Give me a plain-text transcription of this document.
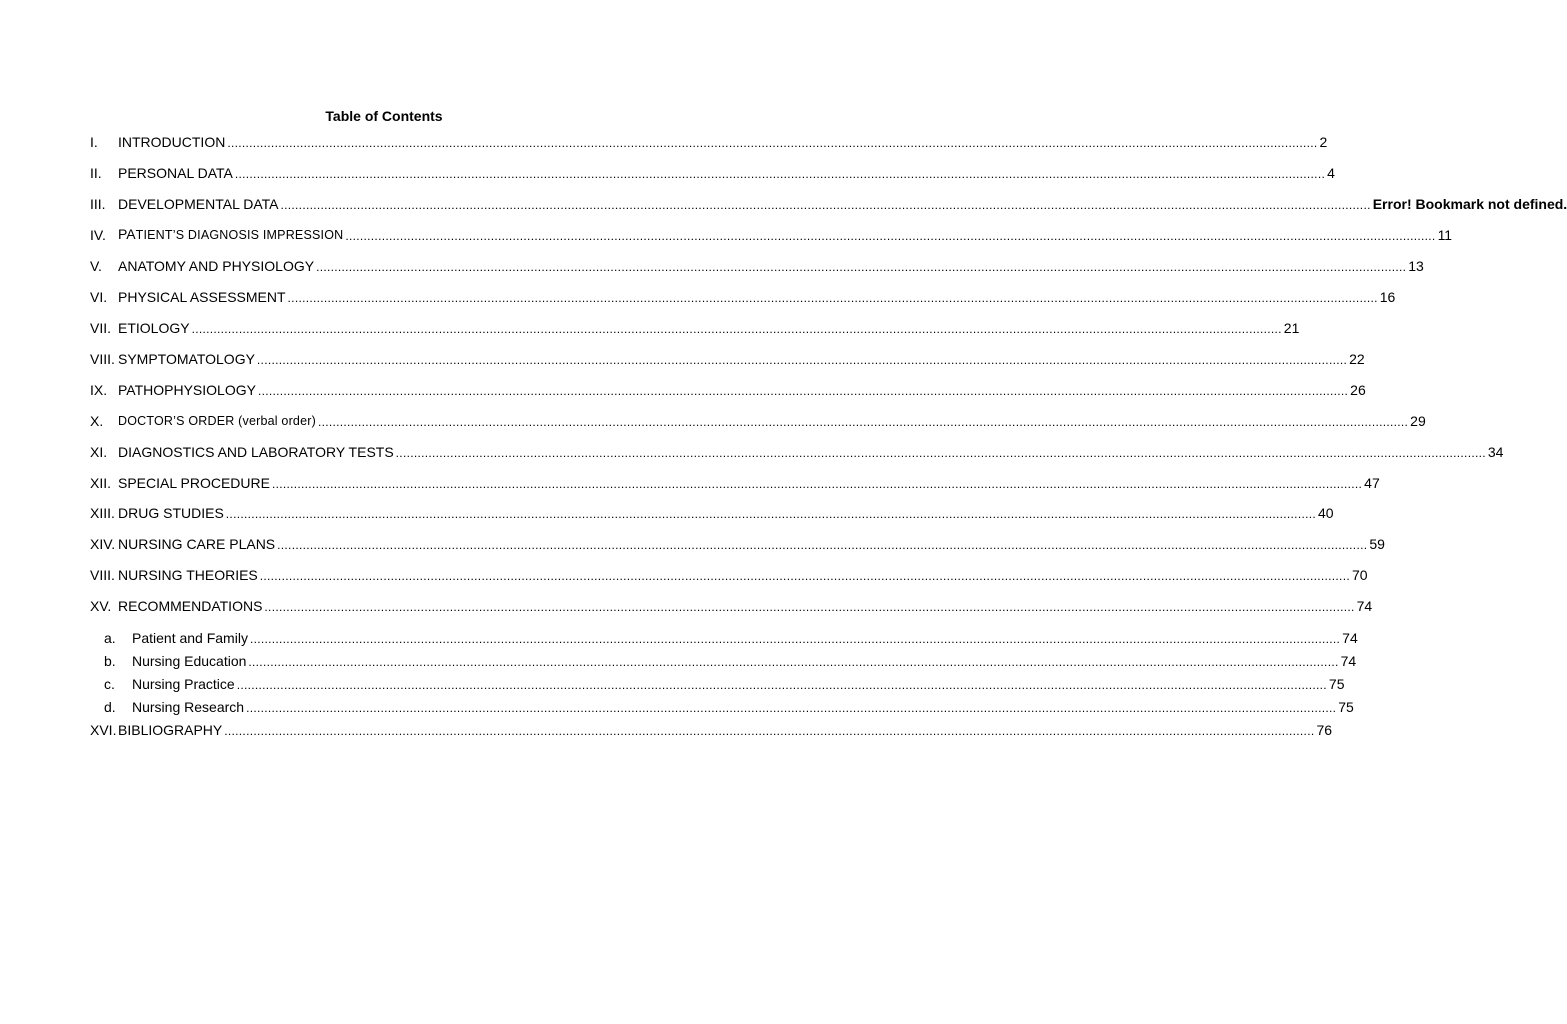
Table of Contents
I.	INTRODUCTION ............................................................................................................................................................................................................................................................................................................ 2
II.	PERSONAL DATA ............................................................................................................................................................................................................................................................................................................ 4
III. DEVELOPMENTAL DATA ............................................................................................................................................................................................................................................................................................................ Error! Bookmark not defined.
IV. PATIENT’S DIAGNOSIS IMPRESSION ............................................................................................................................................................................................................................................................................................................ 11
V.	ANATOMY AND PHYSIOLOGY ............................................................................................................................................................................................................................................................................................................ 13
VI. PHYSICAL ASSESSMENT ............................................................................................................................................................................................................................................................................................................ 16
VII. ETIOLOGY ............................................................................................................................................................................................................................................................................................................ 21
VIII. SYMPTOMATOLOGY ............................................................................................................................................................................................................................................................................................................ 22
IX. PATHOPHYSIOLOGY ............................................................................................................................................................................................................................................................................................................ 26
X.	DOCTOR’S ORDER (verbal order) ............................................................................................................................................................................................................................................................................................................ 29
XI. DIAGNOSTICS AND LABORATORY TESTS ............................................................................................................................................................................................................................................................................................................ 34
XII. SPECIAL PROCEDURE ............................................................................................................................................................................................................................................................................................................ 47
XIII. DRUG STUDIES ............................................................................................................................................................................................................................................................................................................ 40
XIV. NURSING CARE PLANS ............................................................................................................................................................................................................................................................................................................ 59
VIII. NURSING THEORIES ............................................................................................................................................................................................................................................................................................................ 70
XV. RECOMMENDATIONS ............................................................................................................................................................................................................................................................................................................ 74
a.	Patient and Family ............................................................................................................................................................................................................................................................................................................ 74
b.	Nursing Education ............................................................................................................................................................................................................................................................................................................ 74
c.	Nursing Practice ............................................................................................................................................................................................................................................................................................................ 75
d.	Nursing Research ............................................................................................................................................................................................................................................................................................................ 75
XVI. BIBLIOGRAPHY ............................................................................................................................................................................................................................................................................................................ 76
